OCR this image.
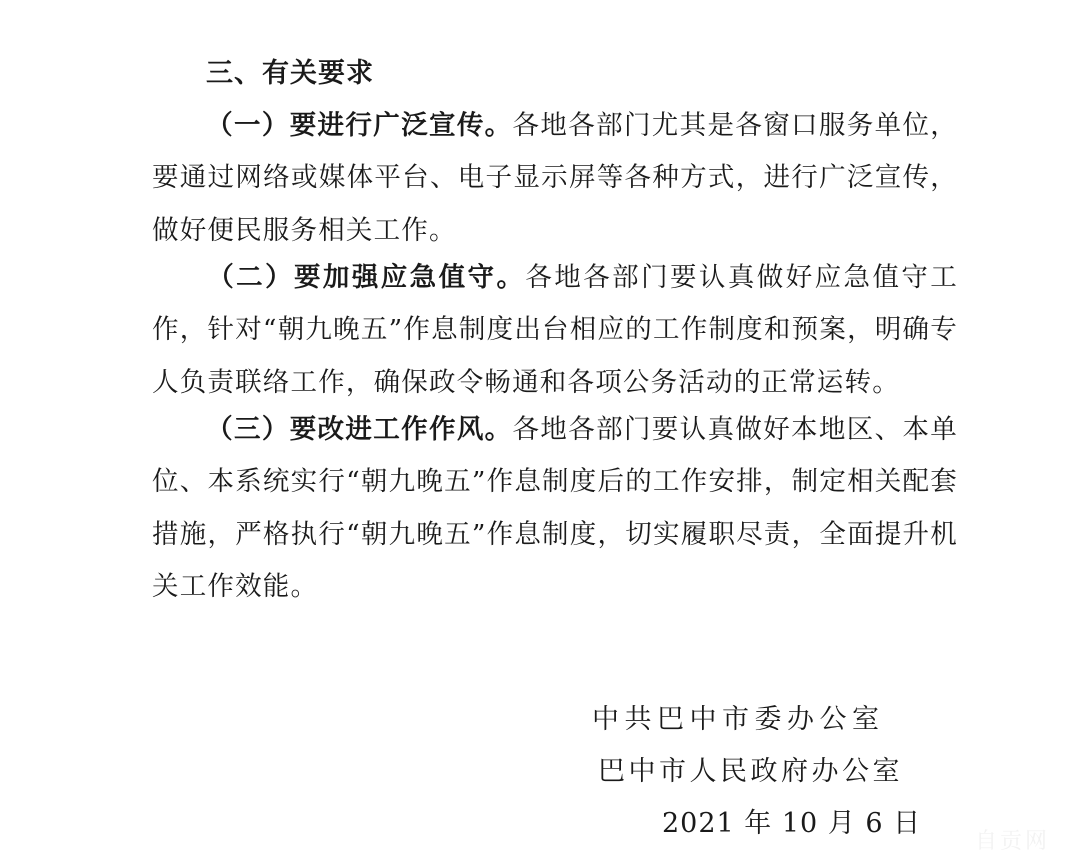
三、有关要求

（一）要进行广泛宣传。各地各部门尤其是各窗口服务单位，要通过网络或媒体平台、电子显示屏等各种方式，进行广泛宣传，做好便民服务相关工作。

（二）要加强应急值守。各地各部门要认真做好应急值守工作，针对“朝九晚五”作息制度出台相应的工作制度和预案，明确专人负责联络工作，确保政令畅通和各项公务活动的正常运转。

（三）要改进工作作风。各地各部门要认真做好本地区、本单位、本系统实行“朝九晚五”作息制度后的工作安排，制定相关配套措施，严格执行“朝九晚五”作息制度，切实履职尽责，全面提升机关工作效能。

中共巴中市委办公室

巴中市人民政府办公室

2021 年 10 月 6 日

自贡网
